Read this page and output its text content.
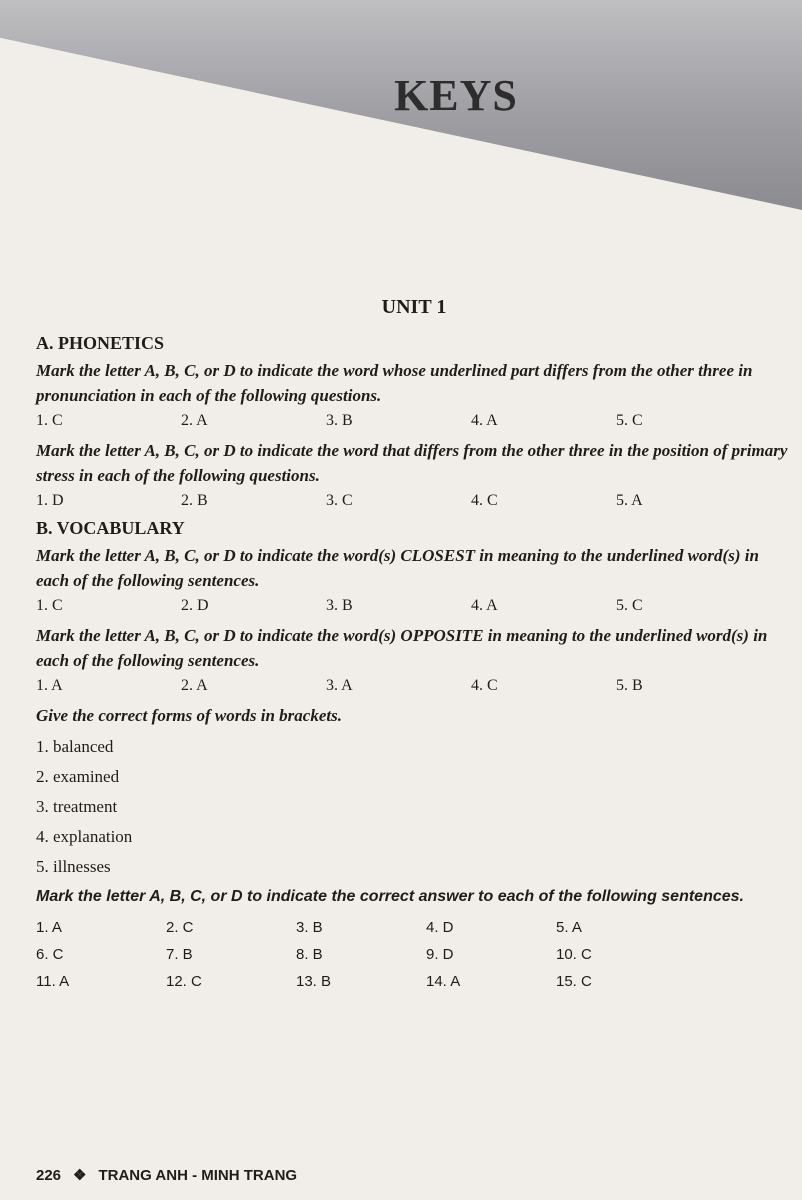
KEYS
UNIT 1
A. PHONETICS
Mark the letter A, B, C, or D to indicate the word whose underlined part differs from the other three in pronunciation in each of the following questions.
1. C	2. A	3. B	4. A	5. C
Mark the letter A, B, C, or D to indicate the word that differs from the other three in the position of primary stress in each of the following questions.
1. D	2. B	3. C	4. C	5. A
B. VOCABULARY
Mark the letter A, B, C, or D to indicate the word(s) CLOSEST in meaning to the underlined word(s) in each of the following sentences.
1. C	2. D	3. B	4. A	5. C
Mark the letter A, B, C, or D to indicate the word(s) OPPOSITE in meaning to the underlined word(s) in each of the following sentences.
1. A	2. A	3. A	4. C	5. B
Give the correct forms of words in brackets.
1. balanced
2. examined
3. treatment
4. explanation
5. illnesses
Mark the letter A, B, C, or D to indicate the correct answer to each of the following sentences.
1. A	2. C	3. B	4. D	5. A
6. C	7. B	8. B	9. D	10. C
11. A	12. C	13. B	14. A	15. C
226 ❖ TRANG ANH - MINH TRANG
